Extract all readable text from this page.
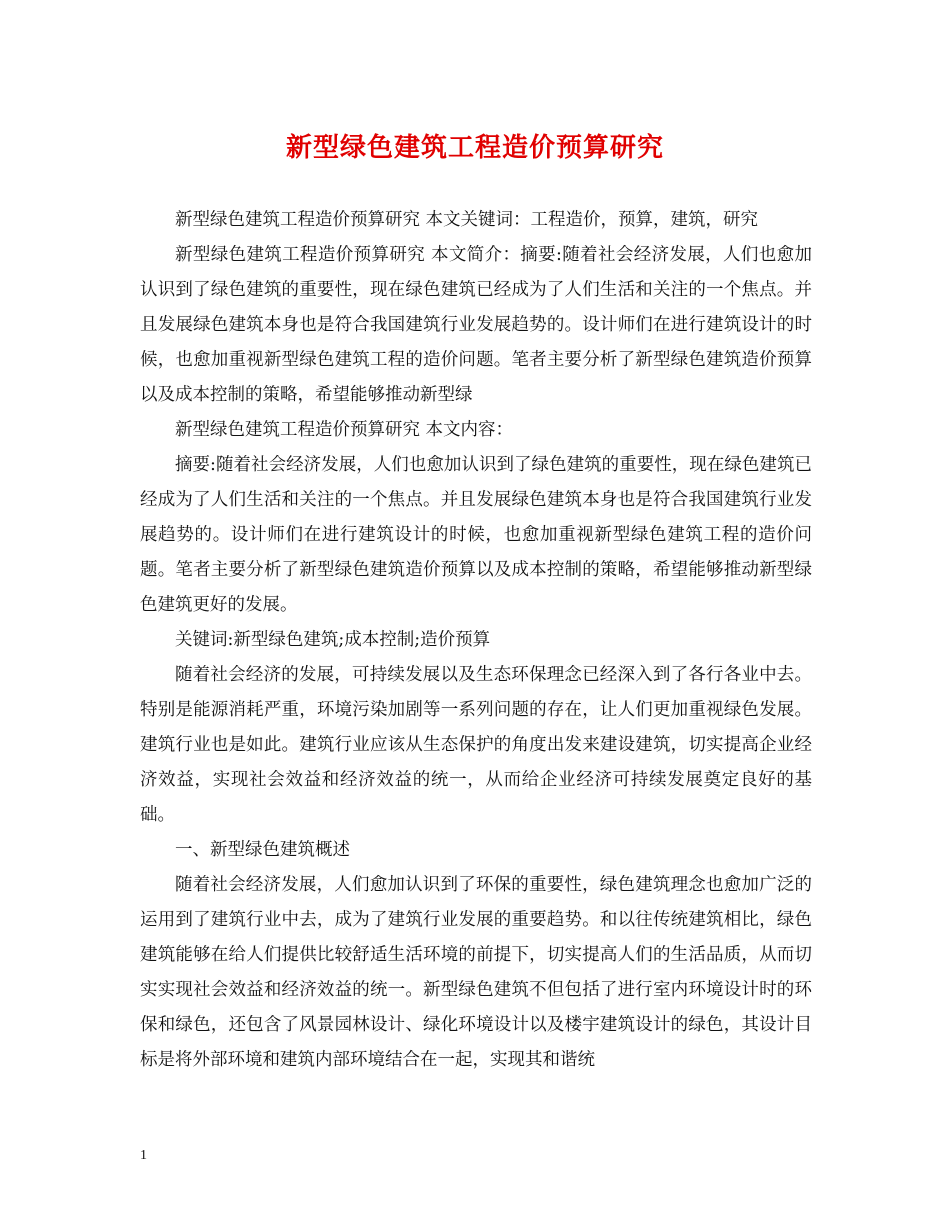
新型绿色建筑工程造价预算研究

新型绿色建筑工程造价预算研究 本文关键词：工程造价，预算，建筑，研究

新型绿色建筑工程造价预算研究 本文简介：摘要:随着社会经济发展，人们也愈加认识到了绿色建筑的重要性，现在绿色建筑已经成为了人们生活和关注的一个焦点。并且发展绿色建筑本身也是符合我国建筑行业发展趋势的。设计师们在进行建筑设计的时候，也愈加重视新型绿色建筑工程的造价问题。笔者主要分析了新型绿色建筑造价预算以及成本控制的策略，希望能够推动新型绿

新型绿色建筑工程造价预算研究 本文内容：

摘要:随着社会经济发展，人们也愈加认识到了绿色建筑的重要性，现在绿色建筑已经成为了人们生活和关注的一个焦点。并且发展绿色建筑本身也是符合我国建筑行业发展趋势的。设计师们在进行建筑设计的时候，也愈加重视新型绿色建筑工程的造价问题。笔者主要分析了新型绿色建筑造价预算以及成本控制的策略，希望能够推动新型绿色建筑更好的发展。

关键词:新型绿色建筑;成本控制;造价预算

随着社会经济的发展，可持续发展以及生态环保理念已经深入到了各行各业中去。特别是能源消耗严重，环境污染加剧等一系列问题的存在，让人们更加重视绿色发展。建筑行业也是如此。建筑行业应该从生态保护的角度出发来建设建筑，切实提高企业经济效益，实现社会效益和经济效益的统一，从而给企业经济可持续发展奠定良好的基础。

一、新型绿色建筑概述

随着社会经济发展，人们愈加认识到了环保的重要性，绿色建筑理念也愈加广泛的运用到了建筑行业中去，成为了建筑行业发展的重要趋势。和以往传统建筑相比，绿色建筑能够在给人们提供比较舒适生活环境的前提下，切实提高人们的生活品质，从而切实实现社会效益和经济效益的统一。新型绿色建筑不但包括了进行室内环境设计时的环保和绿色，还包含了风景园林设计、绿化环境设计以及楼宇建筑设计的绿色，其设计目标是将外部环境和建筑内部环境结合在一起，实现其和谐统

1
